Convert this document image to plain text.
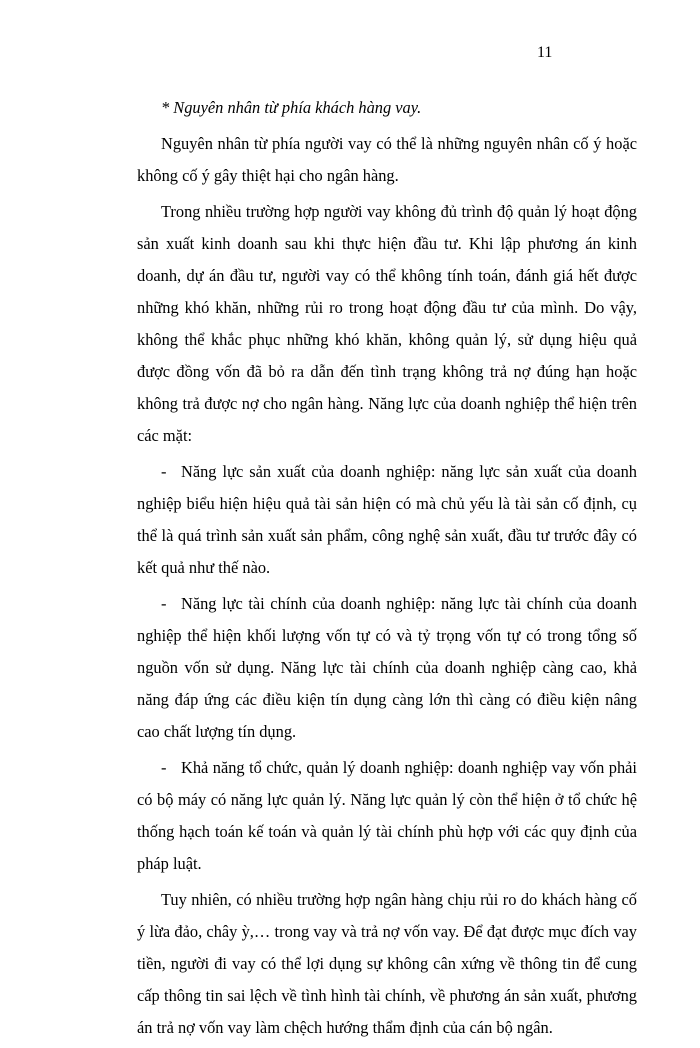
11

* Nguyên nhân từ phía khách hàng vay.

Nguyên nhân từ phía người vay có thể là những nguyên nhân cố ý hoặc không cố ý gây thiệt hại cho ngân hàng.

Trong nhiều trường hợp người vay không đủ trình độ quản lý hoạt động sản xuất kinh doanh sau khi thực hiện đầu tư. Khi lập phương án kinh doanh, dự án đầu tư, người vay có thể không tính toán, đánh giá hết được những khó khăn, những rủi ro trong hoạt động đầu tư của mình. Do vậy, không thể khắc phục những khó khăn, không quản lý, sử dụng hiệu quả được đồng vốn đã bỏ ra dẫn đến tình trạng không trả nợ đúng hạn hoặc không trả được nợ cho ngân hàng. Năng lực của doanh nghiệp thể hiện trên các mặt:

- Năng lực sản xuất của doanh nghiệp: năng lực sản xuất của doanh nghiệp biểu hiện hiệu quả tài sản hiện có mà chủ yếu là tài sản cố định, cụ thể là quá trình sản xuất sản phẩm, công nghệ sản xuất, đầu tư trước đây có kết quả như thế nào.

- Năng lực tài chính của doanh nghiệp: năng lực tài chính của doanh nghiệp thể hiện khối lượng vốn tự có và tỷ trọng vốn tự có trong tổng số nguồn vốn sử dụng. Năng lực tài chính của doanh nghiệp càng cao, khả năng đáp ứng các điều kiện tín dụng càng lớn thì càng có điều kiện nâng cao chất lượng tín dụng.

- Khả năng tổ chức, quản lý doanh nghiệp: doanh nghiệp vay vốn phải có bộ máy có năng lực quản lý. Năng lực quản lý còn thể hiện ở tổ chức hệ thống hạch toán kế toán và quản lý tài chính phù hợp với các quy định của pháp luật.

Tuy nhiên, có nhiều trường hợp ngân hàng chịu rủi ro do khách hàng cố ý lừa đảo, chây ỳ,… trong vay và trả nợ vốn vay. Để đạt được mục đích vay tiền, người đi vay có thể lợi dụng sự không cân xứng về thông tin để cung cấp thông tin sai lệch về tình hình tài chính, về phương án sản xuất, phương án trả nợ vốn vay làm chệch hướng thẩm định của cán bộ ngân.
